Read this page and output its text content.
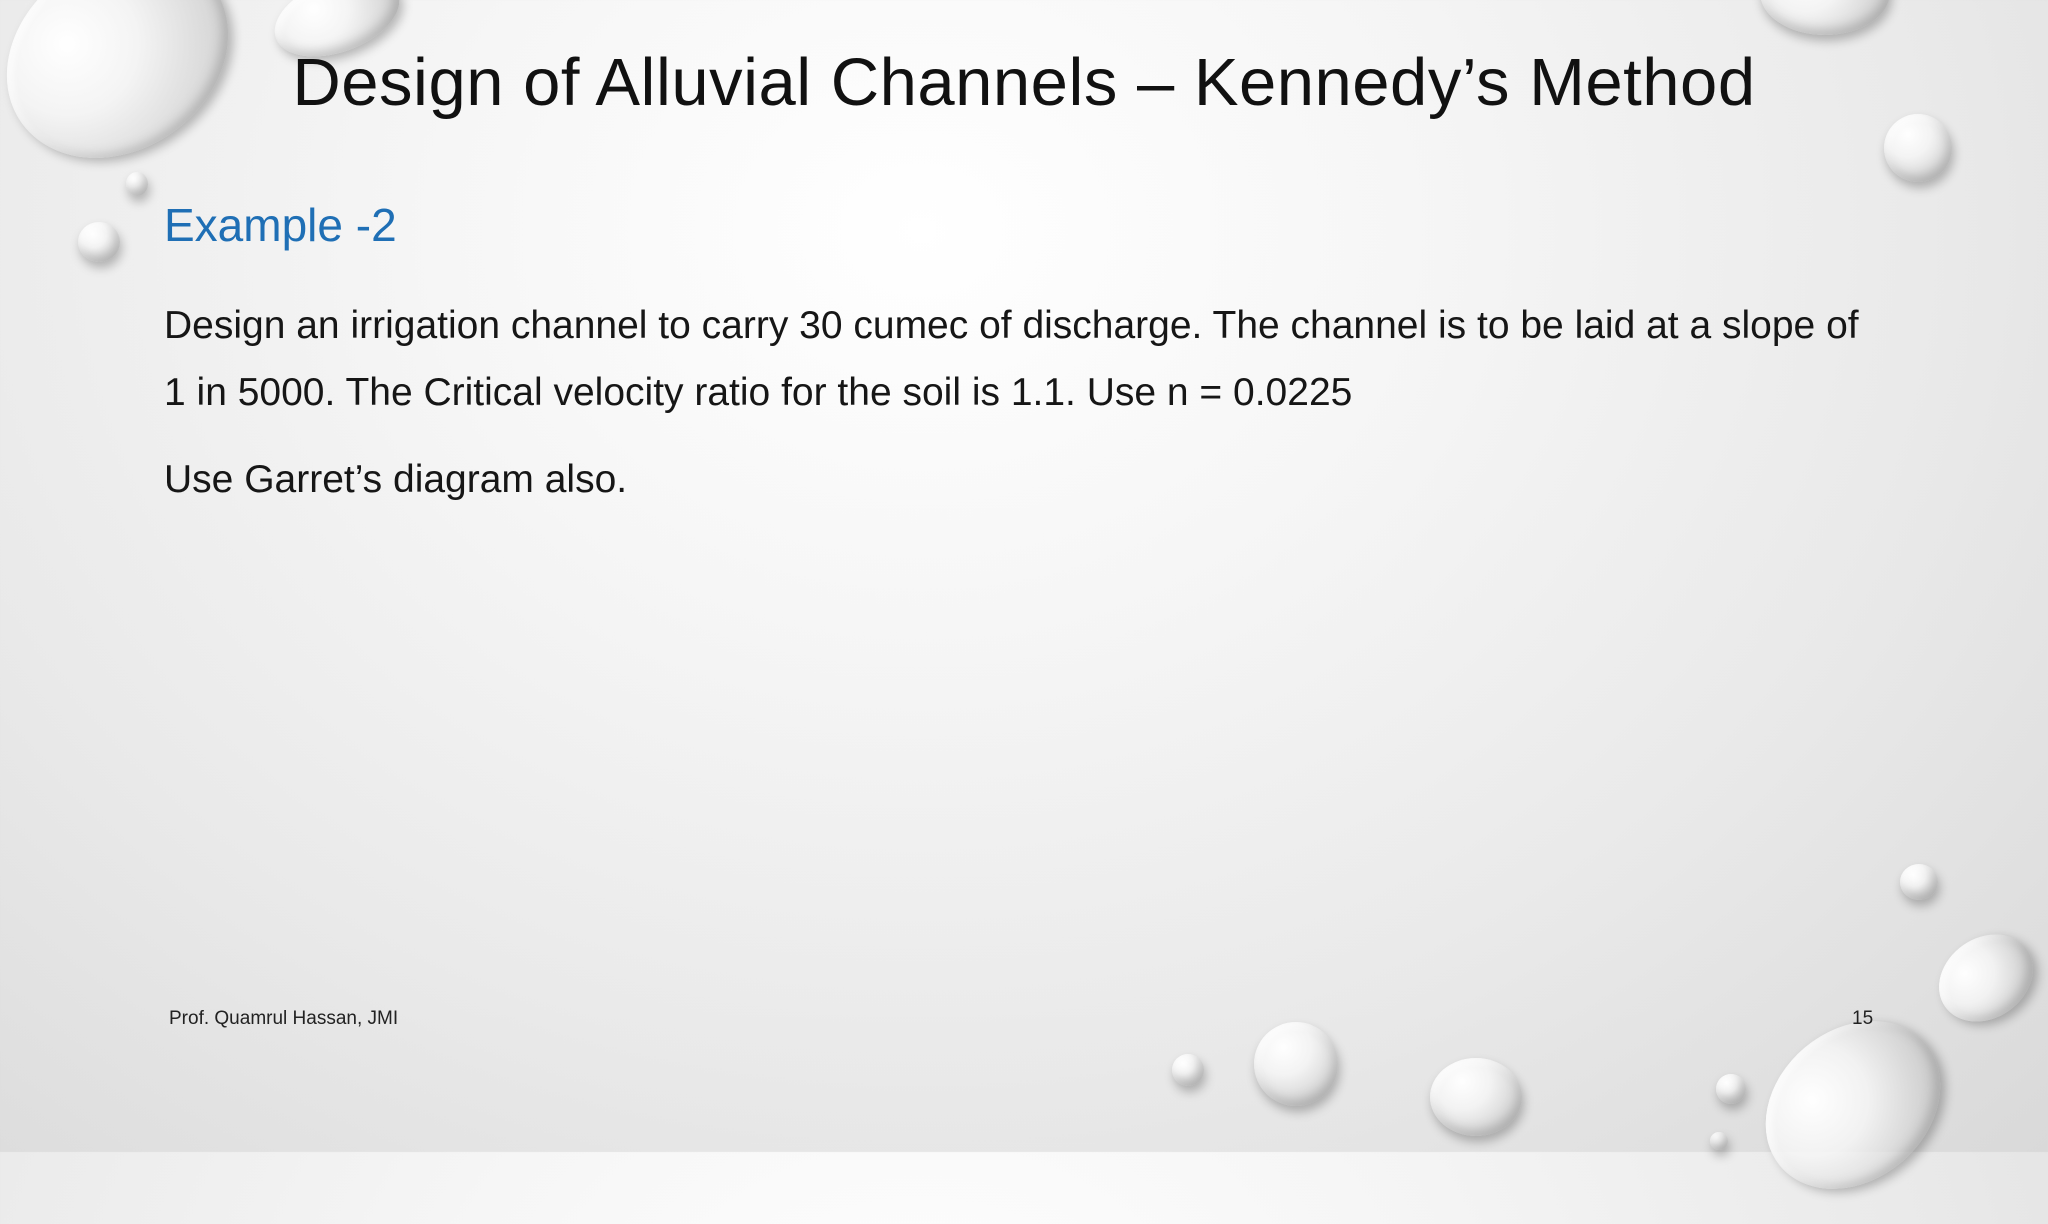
Design of Alluvial Channels – Kennedy’s Method
Example -2

Design an irrigation channel to carry 30 cumec of discharge. The channel is to be laid at a slope of 1 in 5000. The Critical velocity ratio for the soil is 1.1. Use n = 0.0225

Use Garret’s diagram also.

Prof. Quamrul Hassan, JMI	15
